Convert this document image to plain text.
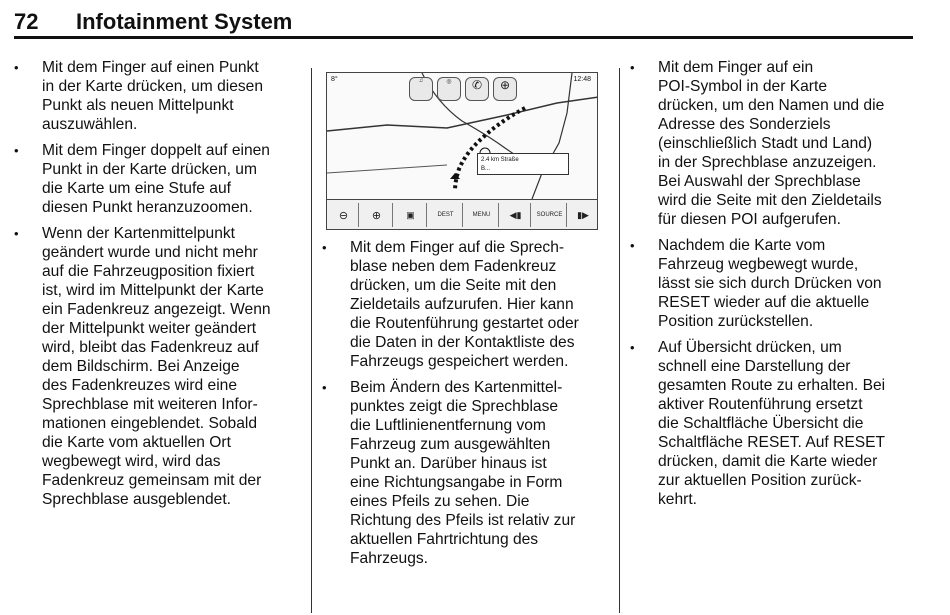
72 Infotainment System
• Mit dem Finger auf einen Punkt
in der Karte drücken, um diesen
Punkt als neuen Mittelpunkt
auszuwählen.
• Mit dem Finger doppelt auf einen
Punkt in der Karte drücken, um
die Karte um eine Stufe auf
diesen Punkt heranzuzoomen.
• Wenn der Kartenmittelpunkt
geändert wurde und nicht mehr
auf die Fahrzeugposition fixiert
ist, wird im Mittelpunkt der Karte
ein Fadenkreuz angezeigt. Wenn
der Mittelpunkt weiter geändert
wird, bleibt das Fadenkreuz auf
dem Bildschirm. Bei Anzeige
des Fadenkreuzes wird eine
Sprechblase mit weiteren Infor-
mationen eingeblendet. Sobald
die Karte vom aktuellen Ort
wegbewegt wird, wird das
Fadenkreuz gemeinsam mit der
Sprechblase ausgeblendet.
8°	12:48
♫	◎	✆	⊕
2.4 km Straße
B...
⊖	⊕	▣	DEST	MENU	◀▮	SOURCE	▮▶
• Mit dem Finger auf die Sprech-
blase neben dem Fadenkreuz
drücken, um die Seite mit den
Zieldetails aufzurufen. Hier kann
die Routenführung gestartet oder
die Daten in der Kontaktliste des
Fahrzeugs gespeichert werden.
• Beim Ändern des Kartenmittel-
punktes zeigt die Sprechblase
die Luftlinienentfernung vom
Fahrzeug zum ausgewählten
Punkt an. Darüber hinaus ist
eine Richtungsangabe in Form
eines Pfeils zu sehen. Die
Richtung des Pfeils ist relativ zur
aktuellen Fahrtrichtung des
Fahrzeugs.
• Mit dem Finger auf ein
POI-Symbol in der Karte
drücken, um den Namen und die
Adresse des Sonderziels
(einschließlich Stadt und Land)
in der Sprechblase anzuzeigen.
Bei Auswahl der Sprechblase
wird die Seite mit den Zieldetails
für diesen POI aufgerufen.
• Nachdem die Karte vom
Fahrzeug wegbewegt wurde,
lässt sie sich durch Drücken von
RESET wieder auf die aktuelle
Position zurückstellen.
• Auf Übersicht drücken, um
schnell eine Darstellung der
gesamten Route zu erhalten. Bei
aktiver Routenführung ersetzt
die Schaltfläche Übersicht die
Schaltfläche RESET. Auf RESET
drücken, damit die Karte wieder
zur aktuellen Position zurück-
kehrt.
